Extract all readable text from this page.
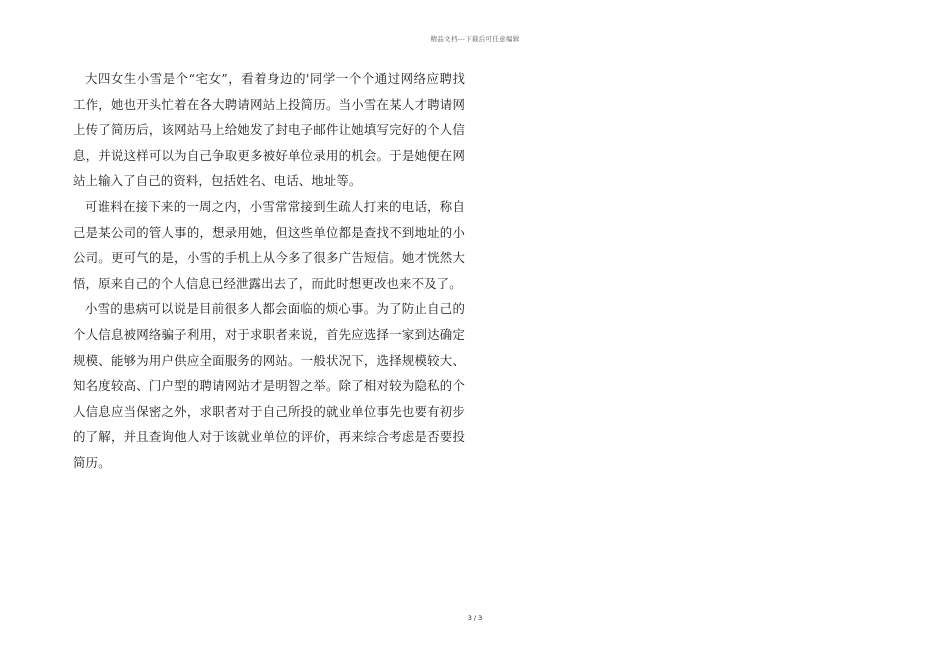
精品文档---下载后可任意编辑

大四女生小雪是个“宅女”，看着身边的'同学一个个通过网络应聘找工作，她也开头忙着在各大聘请网站上投简历。当小雪在某人才聘请网上传了简历后，该网站马上给她发了封电子邮件让她填写完好的个人信息，并说这样可以为自己争取更多被好单位录用的机会。于是她便在网站上输入了自己的资料，包括姓名、电话、地址等。

可谁料在接下来的一周之内，小雪常常接到生疏人打来的电话，称自己是某公司的管人事的，想录用她，但这些单位都是查找不到地址的小公司。更可气的是，小雪的手机上从今多了很多广告短信。她才恍然大悟，原来自己的个人信息已经泄露出去了，而此时想更改也来不及了。

小雪的患病可以说是目前很多人都会面临的烦心事。为了防止自己的个人信息被网络骗子利用，对于求职者来说，首先应选择一家到达确定规模、能够为用户供应全面服务的网站。一般状况下，选择规模较大、知名度较高、门户型的聘请网站才是明智之举。除了相对较为隐私的个人信息应当保密之外，求职者对于自己所投的就业单位事先也要有初步的了解，并且查询他人对于该就业单位的评价，再来综合考虑是否要投简历。

3 / 3
